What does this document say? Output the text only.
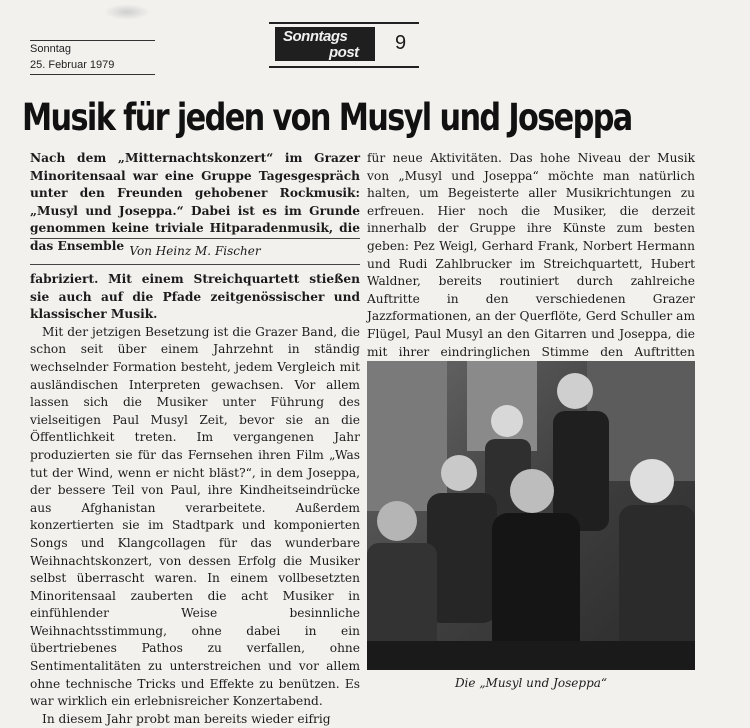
Sonntag
25. Februar 1979
Sonntags
post 9
Musik für jeden von Musyl und Joseppa
Nach dem „Mitternachtskonzert“ im Grazer Minoritensaal war eine Gruppe Tagesgespräch unter den Freunden gehobener Rockmusik: „Musyl und Joseppa.“ Dabei ist es im Grunde genommen keine triviale Hitparadenmusik, die das Ensemble Von Heinz M. Fischer

fabriziert. Mit einem Streichquartett stießen sie auch auf die Pfade zeitgenössischer und klassischer Musik.

Mit der jetzigen Besetzung ist die Grazer Band, die schon seit über einem Jahrzehnt in ständig wechselnder Formation besteht, jedem Vergleich mit ausländischen Interpreten gewachsen. Vor allem lassen sich die Musiker unter Führung des vielseitigen Paul Musyl Zeit, bevor sie an die Öffentlichkeit treten. Im vergangenen Jahr produzierten sie für das Fernsehen ihren Film „Was tut der Wind, wenn er nicht bläst?“, in dem Joseppa, der bessere Teil von Paul, ihre Kindheitseindrücke aus Afghanistan verarbeitete. Außerdem konzertierten sie im Stadtpark und komponierten Songs und Klangcollagen für das wunderbare Weihnachtskonzert, von dessen Erfolg die Musiker selbst überrascht waren. In einem vollbesetzten Minoritensaal zauberten die acht Musiker in einfühlender Weise besinnliche Weihnachtsstimmung, ohne dabei in ein übertriebenes Pathos zu verfallen, ohne Sentimentalitäten zu unterstreichen und vor allem ohne technische Tricks und Effekte zu benützen. Es war wirklich ein erlebnisreicher Konzertabend.

In diesem Jahr probt man bereits wieder eifrig

für neue Aktivitäten. Das hohe Niveau der Musik von „Musyl und Joseppa“ möchte man natürlich halten, um Begeisterte aller Musikrichtungen zu erfreuen. Hier noch die Musiker, die derzeit innerhalb der Gruppe ihre Künste zum besten geben: Pez Weigl, Gerhard Frank, Norbert Hermann und Rudi Zahlbrucker im Streichquartett, Hubert Waldner, bereits routiniert durch zahlreiche Auftritte in den verschiedenen Grazer Jazzformationen, an der Querflöte, Gerd Schuller am Flügel, Paul Musyl an den Gitarren und Joseppa, die mit ihrer eindringlichen Stimme den Auftritten
Die „Musyl und Joseppa“
